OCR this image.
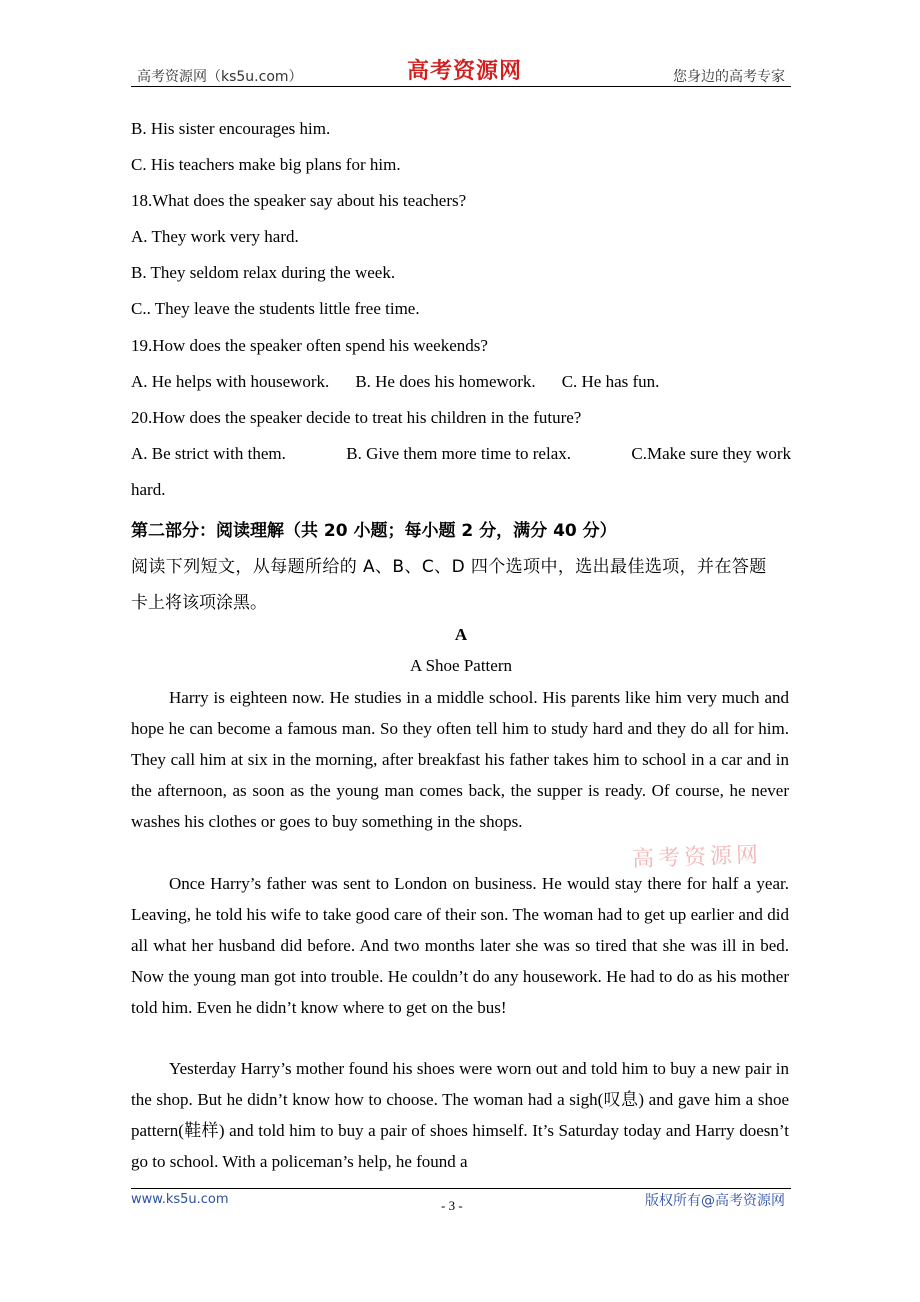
高考资源网（ks5u.com）	高考资源网	您身边的高考专家
B. His sister encourages him.
C. His teachers make big plans for him.
18.What does the speaker say about his teachers?
A. They work very hard.
B. They seldom relax during the week.
C.. They leave the students little free time.
19.How does the speaker often spend his weekends?
A. He helps with housework. B. He does his homework. C. He has fun.
20.How does the speaker decide to treat his children in the future?
A. Be strict with them.	B. Give them more time to relax.	C.Make sure they work
hard.
第二部分：阅读理解（共 20 小题；每小题 2 分，满分 40 分）
阅读下列短文，从每题所给的 A、B、C、D 四个选项中，选出最佳选项，并在答题
卡上将该项涂黑。
A
A Shoe Pattern
Harry is eighteen now. He studies in a middle school. His parents like him very much and hope he can become a famous man. So they often tell him to study hard and they do all for him. They call him at six in the morning, after breakfast his father takes him to school in a car and in the afternoon, as soon as the young man comes back, the supper is ready. Of course, he never washes his clothes or goes to buy something in the shops.
Once Harry’s father was sent to London on business. He would stay there for half a year. Leaving, he told his wife to take good care of their son. The woman had to get up earlier and did all what her husband did before. And two months later she was so tired that she was ill in bed. Now the young man got into trouble. He couldn’t do any housework. He had to do as his mother told him. Even he didn’t know where to get on the bus!
Yesterday Harry’s mother found his shoes were worn out and told him to buy a new pair in the shop. But he didn’t know how to choose. The woman had a sigh(叹息) and gave him a shoe pattern(鞋样) and told him to buy a pair of shoes himself. It’s Saturday today and Harry doesn’t go to school. With a policeman’s help, he found a
高考资源网
www.ks5u.com	- 3 -	版权所有@高考资源网
